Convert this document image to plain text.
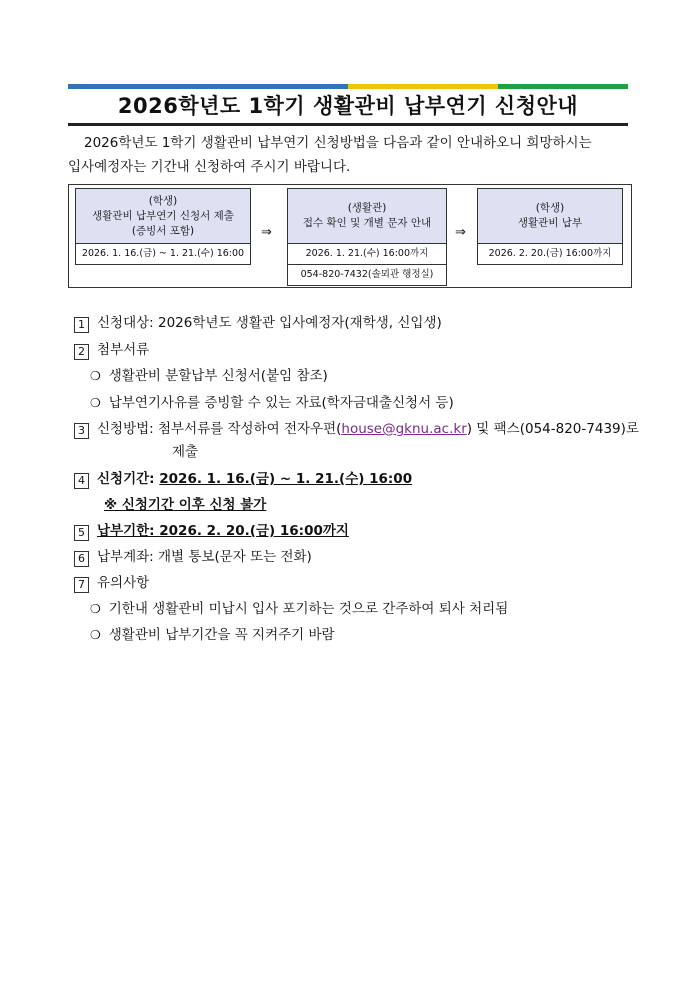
2026학년도 1학기 생활관비 납부연기 신청안내

2026학년도 1학기 생활관비 납부연기 신청방법을 다음과 같이 안내하오니 희망하시는
입사예정자는 기간내 신청하여 주시기 바랍니다.

(학생)
생활관비 납부연기 신청서 제출
(증빙서 포함)
2026. 1. 16.(금) ~ 1. 21.(수) 16:00
⇒
(생활관)
접수 확인 및 개별 문자 안내
2026. 1. 21.(수) 16:00까지
054-820-7432(솔뫼관 행정실)
⇒
(학생)
생활관비 납부
2026. 2. 20.(금) 16:00까지
1 신청대상: 2026학년도 생활관 입사예정자(재학생, 신입생)
2 첨부서류
❍ 생활관비 분할납부 신청서(붙임 참조)
❍ 납부연기사유를 증빙할 수 있는 자료(학자금대출신청서 등)
3 신청방법: 첨부서류를 작성하여 전자우편(house@gknu.ac.kr) 및 팩스(054-820-7439)로
제출
4 신청기간: 2026. 1. 16.(금) ~ 1. 21.(수) 16:00
※ 신청기간 이후 신청 불가
5 납부기한: 2026. 2. 20.(금) 16:00까지
6 납부계좌: 개별 통보(문자 또는 전화)
7 유의사항
❍ 기한내 생활관비 미납시 입사 포기하는 것으로 간주하여 퇴사 처리됨
❍ 생활관비 납부기간을 꼭 지켜주기 바람
